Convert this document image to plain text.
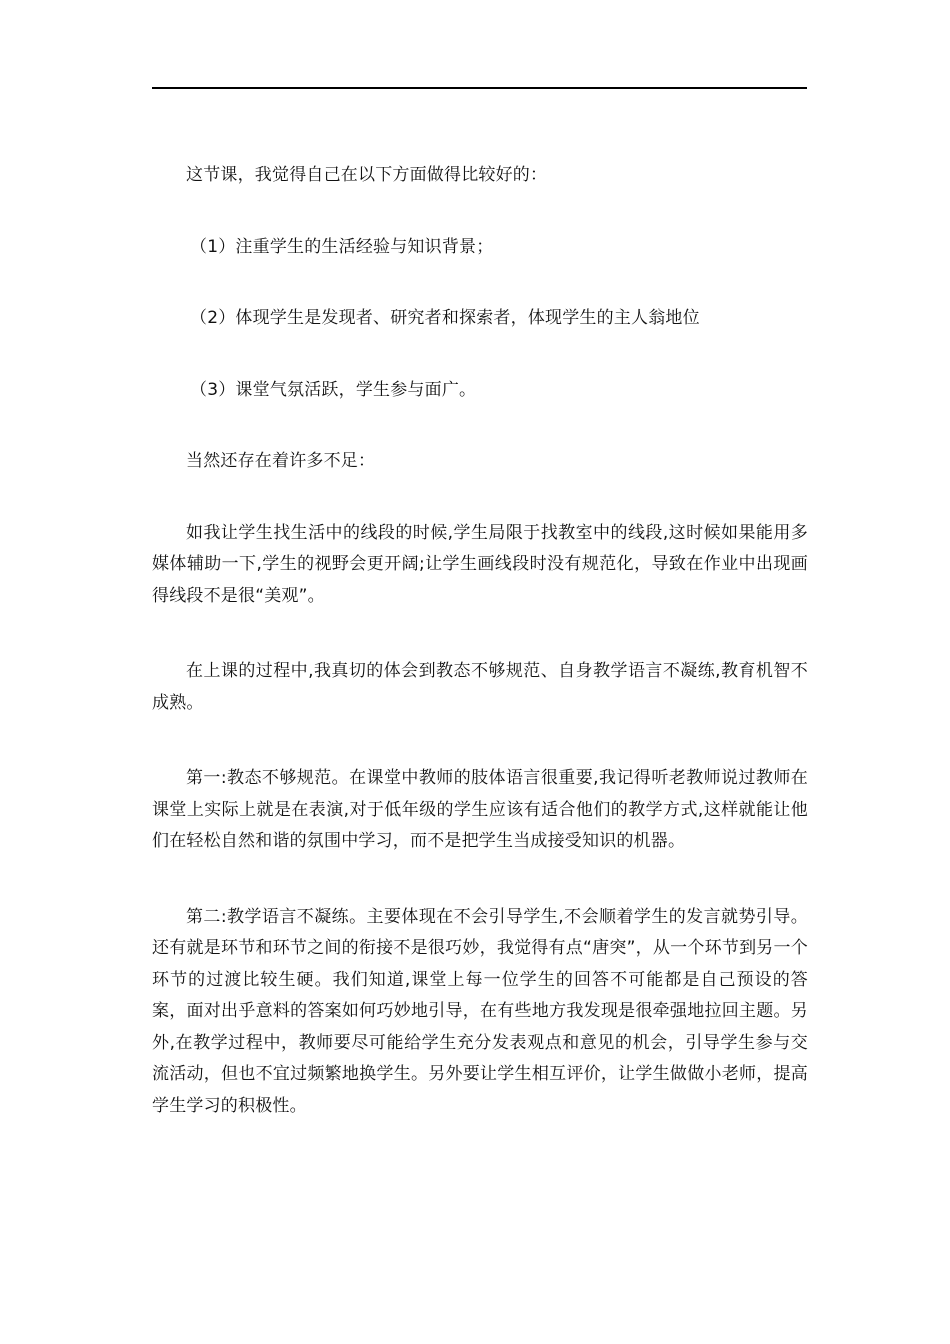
这节课，我觉得自己在以下方面做得比较好的：

（1）注重学生的生活经验与知识背景；

（2）体现学生是发现者、研究者和探索者，体现学生的主人翁地位

（3）课堂气氛活跃，学生参与面广。

当然还存在着许多不足：

如我让学生找生活中的线段的时候,学生局限于找教室中的线段,这时候如果能用多媒体辅助一下,学生的视野会更开阔;让学生画线段时没有规范化，导致在作业中出现画得线段不是很“美观”。

在上课的过程中,我真切的体会到教态不够规范、自身教学语言不凝练,教育机智不成熟。

第一:教态不够规范。在课堂中教师的肢体语言很重要,我记得听老教师说过教师在课堂上实际上就是在表演,对于低年级的学生应该有适合他们的教学方式,这样就能让他们在轻松自然和谐的氛围中学习，而不是把学生当成接受知识的机器。

第二:教学语言不凝练。主要体现在不会引导学生,不会顺着学生的发言就势引导。还有就是环节和环节之间的衔接不是很巧妙，我觉得有点“唐突”，从一个环节到另一个环节的过渡比较生硬。我们知道,课堂上每一位学生的回答不可能都是自己预设的答案，面对出乎意料的答案如何巧妙地引导，在有些地方我发现是很牵强地拉回主题。另外,在教学过程中，教师要尽可能给学生充分发表观点和意见的机会，引导学生参与交流活动，但也不宜过频繁地换学生。另外要让学生相互评价，让学生做做小老师，提高学生学习的积极性。
